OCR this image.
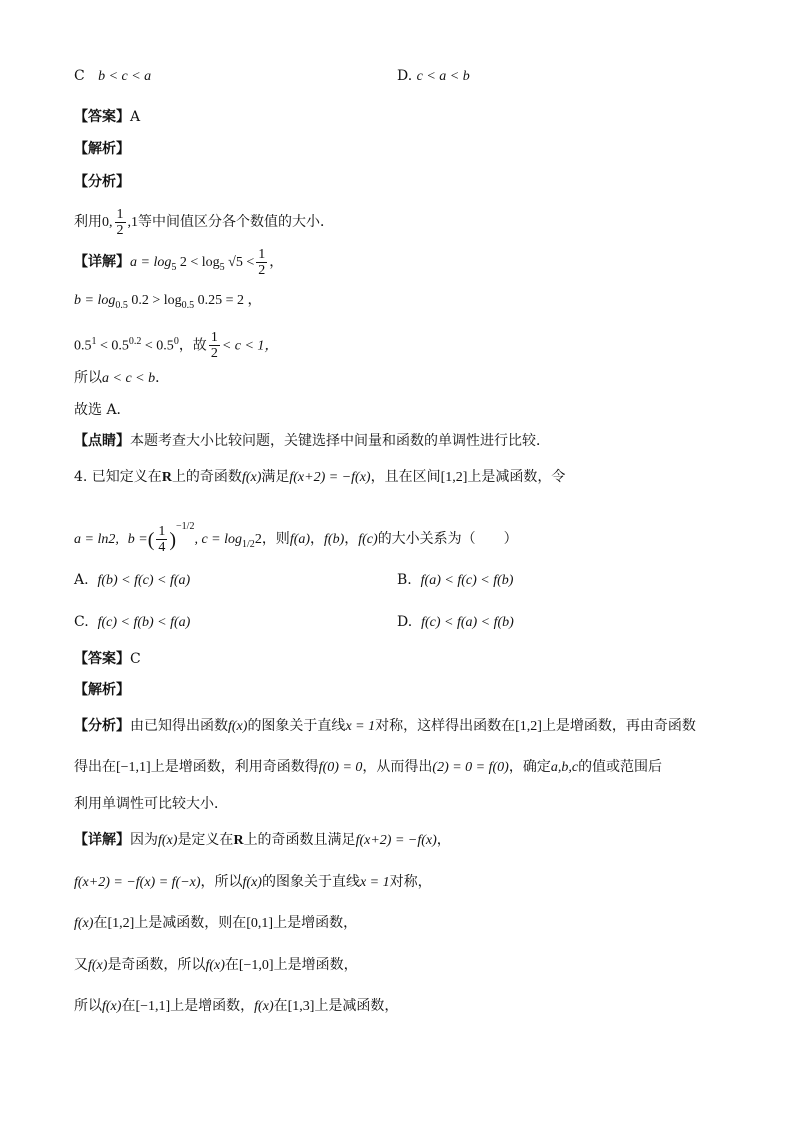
C b < c < a	D. c < a < b
【答案】A
【解析】
【分析】
利用0, $\frac{1}{2} ,1$等中间值区分各个数值的大小．
【详解】$a = \log_5 2 < \log_5 √5 < \frac{1}{2}$ ，
$b = \log_{0.5} 0.2 > \log_{0.5} 0.25 = 2$ ，
$0.5^1 < 0.5^{0.2} < 0.5^0$，故 $\frac{1}{2} < c < 1$，
所以a < c < b．
故选 A．
【点睛】本题考查大小比较问题，关键选择中间量和函数的单调性进行比较．
4. 已知定义在R上的奇函数f(x)满足f(x+2) = −f(x)，且在区间[1,2]上是减函数，令
a = ln2, b =( $\frac{1}{4} )^{-1/2}$, $c = \log_{1/2}2$，则f(a)，f(b)，f(c)的大小关系为（　　）
A. f(b) < f(c) < f(a)	B. f(a) < f(c) < f(b)
C. f(c) < f(b) < f(a)	D. f(c) < f(a) < f(b)
【答案】C
【解析】
【分析】由已知得出函数f(x)的图象关于直线x = 1对称，这样得出函数在[1,2]上是增函数，再由奇函数
得出在[−1,1]上是增函数，利用奇函数得f(0) = 0，从而得出(2) = 0 = f(0)，确定a,b,c的值或范围后
利用单调性可比较大小．
【详解】因为f(x)是定义在R上的奇函数且满足f(x+2) = −f(x)，
f(x+2) = −f(x) = f(−x)，所以f(x)的图象关于直线x = 1对称，
f(x)在[1,2]上是减函数，则在[0,1]上是增函数，
又f(x)是奇函数，所以f(x)在[−1,0]上是增函数，
所以f(x)在[−1,1]上是增函数，f(x)在[1,3]上是减函数，
